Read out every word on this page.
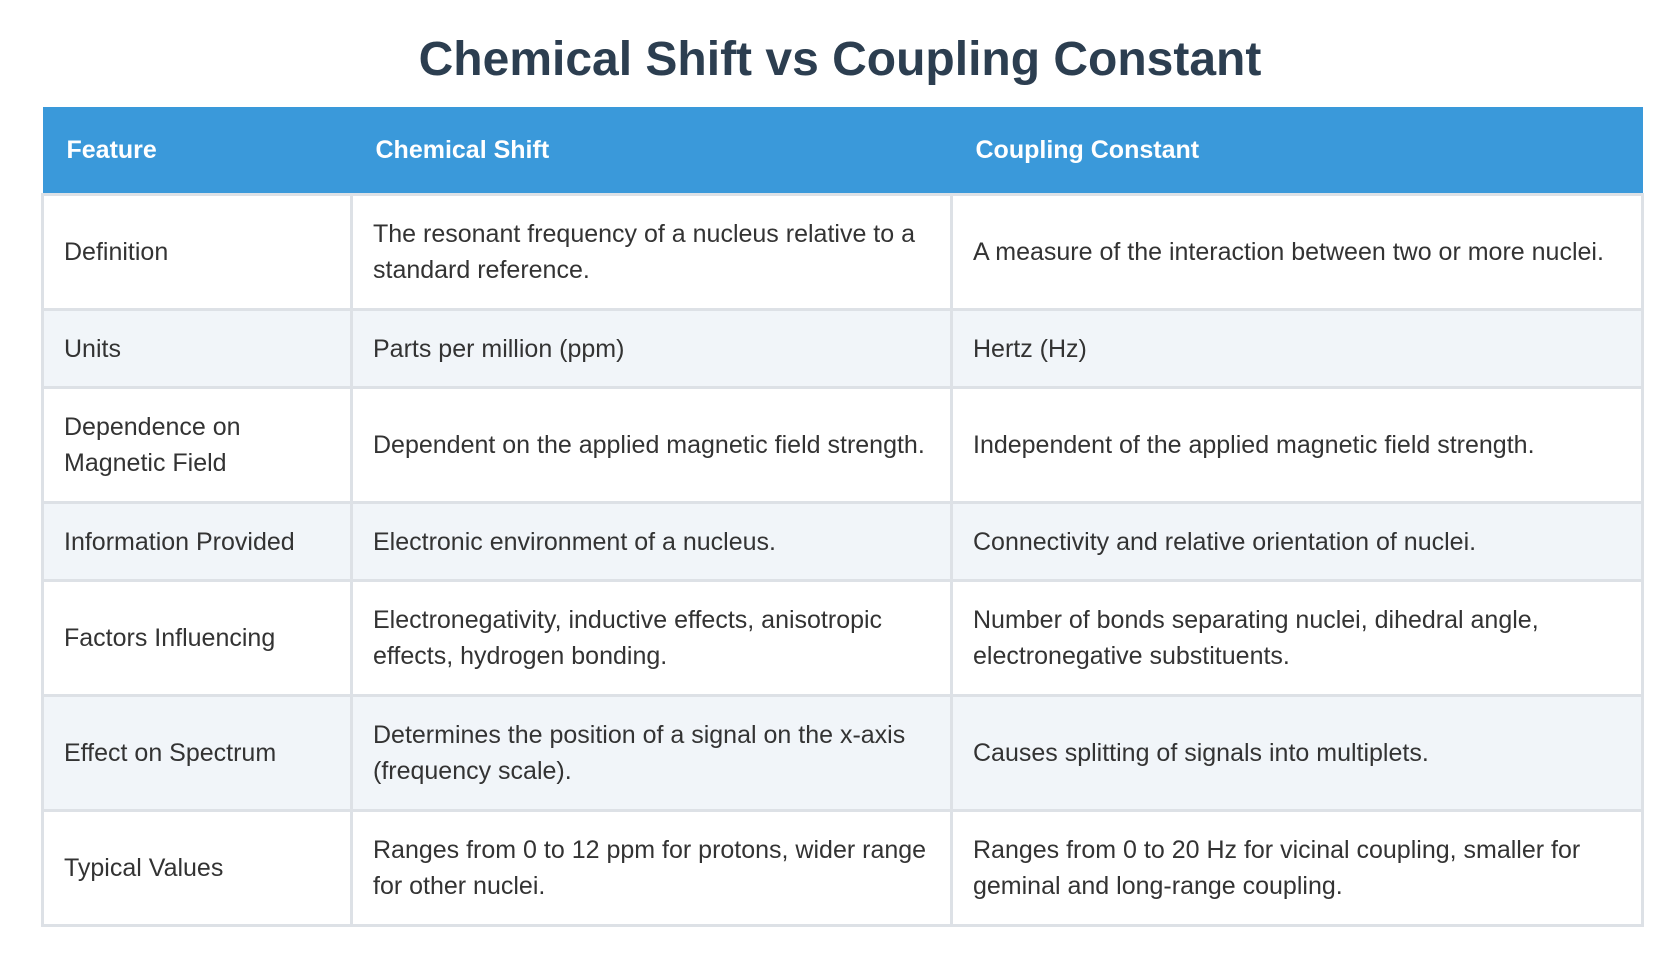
Chemical Shift vs Coupling Constant
Feature	Chemical Shift	Coupling Constant
Definition	The resonant frequency of a nucleus relative to a standard reference.	A measure of the interaction between two or more nuclei.
Units	Parts per million (ppm)	Hertz (Hz)
Dependence on Magnetic Field	Dependent on the applied magnetic field strength.	Independent of the applied magnetic field strength.
Information Provided	Electronic environment of a nucleus.	Connectivity and relative orientation of nuclei.
Factors Influencing	Electronegativity, inductive effects, anisotropic effects, hydrogen bonding.	Number of bonds separating nuclei, dihedral angle, electronegative substituents.
Effect on Spectrum	Determines the position of a signal on the x-axis (frequency scale).	Causes splitting of signals into multiplets.
Typical Values	Ranges from 0 to 12 ppm for protons, wider range for other nuclei.	Ranges from 0 to 20 Hz for vicinal coupling, smaller for geminal and long-range coupling.
